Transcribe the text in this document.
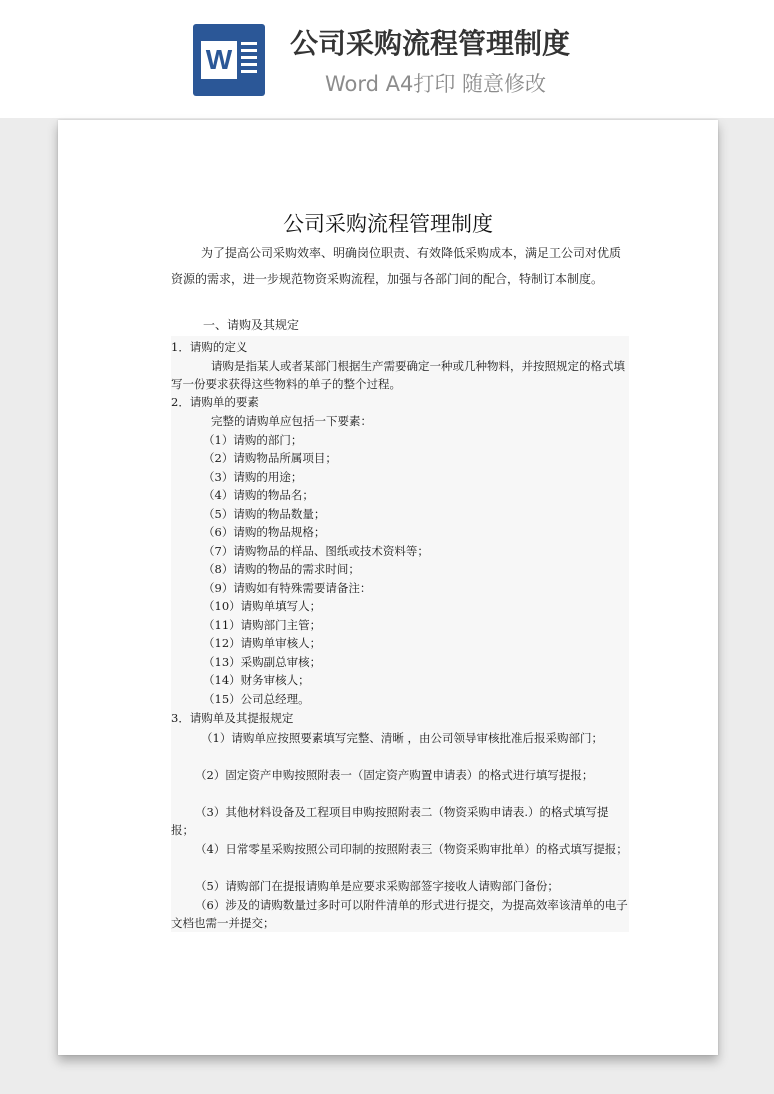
W 公司采购流程管理制度
Word A4打印 随意修改
公司采购流程管理制度

为了提高公司采购效率、明确岗位职责、有效降低采购成本，满足工公司对优质资源的需求，进一步规范物资采购流程，加强与各部门间的配合，特制订本制度。

一、请购及其规定
1．请购的定义

请购是指某人或者某部门根据生产需要确定一种或几种物料，并按照规定的格式填写一份要求获得这些物料的单子的整个过程。

2．请购单的要素
完整的请购单应包括一下要素：
（1）请购的部门；
（2）请购物品所属项目；
（3）请购的用途；
（4）请购的物品名；
（5）请购的物品数量；
（6）请购的物品规格；
（7）请购物品的样品、图纸或技术资料等；
（8）请购的物品的需求时间；
（9）请购如有特殊需要请备注：
（10）请购单填写人；
（11）请购部门主管；
（12）请购单审核人；
（13）采购副总审核；
（14）财务审核人；
（15）公司总经理。
3．请购单及其提报规定

（1）请购单应按照要素填写完整、清晰 ，由公司领导审核批准后报采购部门；

（2）固定资产申购按照附表一（固定资产购置申请表）的格式进行填写提报；

（3）其他材料设备及工程项目申购按照附表二（物资采购申请表.）的格式填写提报；

（4）日常零星采购按照公司印制的按照附表三（物资采购审批单）的格式填写提报；

（5）请购部门在提报请购单是应要求采购部签字接收人请购部门备份；

（6）涉及的请购数量过多时可以附件清单的形式进行提交，为提高效率该清单的电子文档也需一并提交；
